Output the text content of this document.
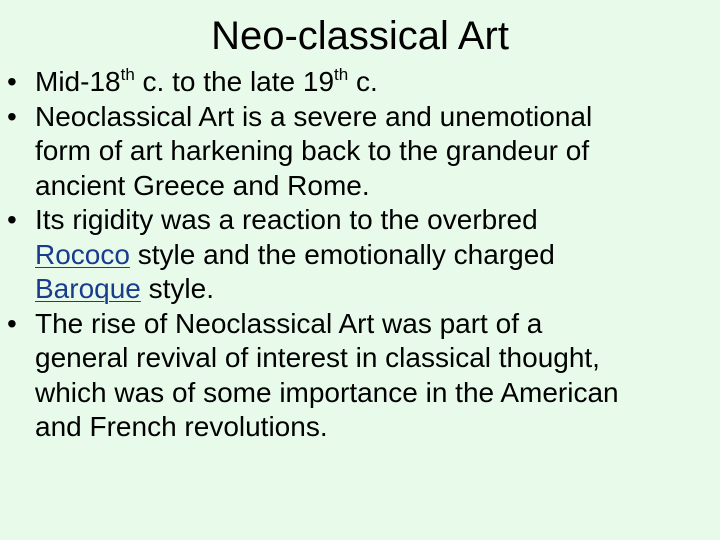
Neo-classical Art
• Mid-18th c. to the late 19th c.
• Neoclassical Art is a severe and unemotional
form of art harkening back to the grandeur of
ancient Greece and Rome.
• Its rigidity was a reaction to the overbred
Rococo style and the emotionally charged
Baroque style.
• The rise of Neoclassical Art was part of a
general revival of interest in classical thought,
which was of some importance in the American
and French revolutions.
